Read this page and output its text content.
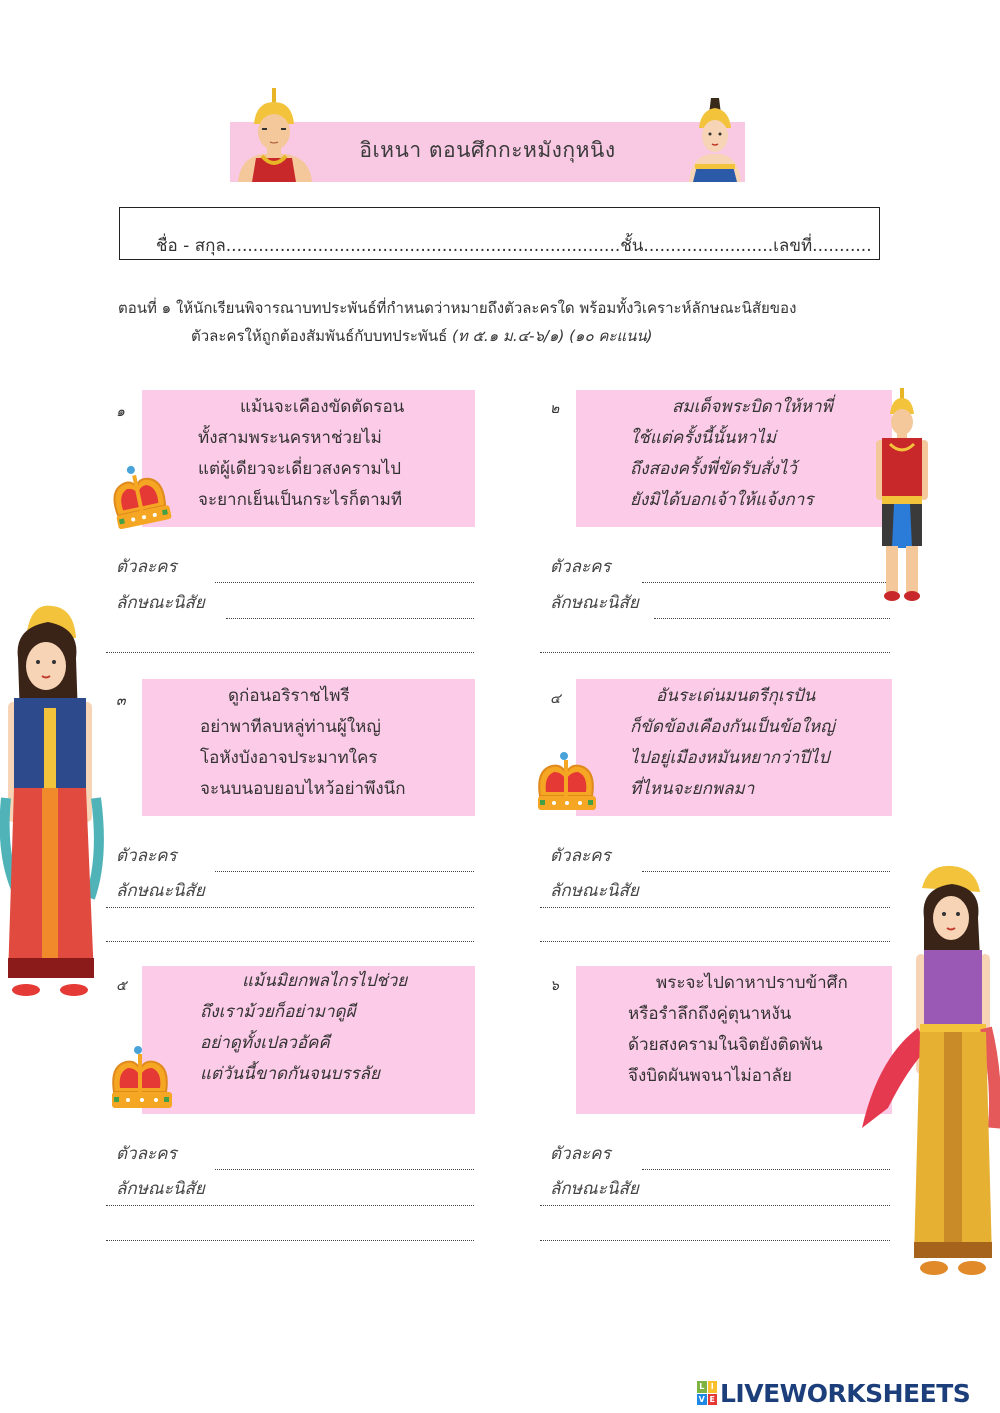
อิเหนา ตอนศึกกะหมังกุหนิง
ชื่อ - สกุล.........................................................................ชั้น........................เลขที่...........
ตอนที่ ๑ ให้นักเรียนพิจารณาบทประพันธ์ที่กำหนดว่าหมายถึงตัวละครใด พร้อมทั้งวิเคราะห์ลักษณะนิสัยของ
ตัวละครให้ถูกต้องสัมพันธ์กับบทประพันธ์ (ท ๕.๑ ม.๔-๖/๑) (๑๐ คะแนน)
๑	แม้นจะเคืองขัดตัดรอน
ทั้งสามพระนครหาช่วยไม่
แต่ผู้เดียวจะเดี่ยวสงครามไป
จะยากเย็นเป็นกระไรก็ตามที
ตัวละคร
ลักษณะนิสัย
๒	สมเด็จพระบิดาให้หาพี่
ใช้แต่ครั้งนี้นั้นหาไม่
ถึงสองครั้งพี่ขัดรับสั่งไว้
ยังมิได้บอกเจ้าให้แจ้งการ
ตัวละคร
ลักษณะนิสัย
๓	ดูก่อนอริราชไพรี
อย่าพาทีลบหลู่ท่านผู้ใหญ่
โอหังบังอาจประมาทใคร
จะนบนอบยอบไหว้อย่าพึงนึก
ตัวละคร
ลักษณะนิสัย
๔	อันระเด่นมนตรีกุเรปัน
ก็ขัดข้องเคืองกันเป็นข้อใหญ่
ไปอยู่เมืองหมันหยากว่าปีไป
ที่ไหนจะยกพลมา
ตัวละคร
ลักษณะนิสัย
๕	แม้นมิยกพลไกรไปช่วย
ถึงเราม้วยก็อย่ามาดูผี
อย่าดูทั้งเปลวอัคคี
แต่วันนี้ขาดกันจนบรรลัย
ตัวละคร
ลักษณะนิสัย
๖	พระจะไปดาหาปราบข้าศึก
หรือรำลึกถึงคู่ตุนาหงัน
ด้วยสงครามในจิตยังติดพัน
จึงบิดผันพจนาไม่อาลัย
ตัวละคร
ลักษณะนิสัย
L I
V E LIVEWORKSHEETS
